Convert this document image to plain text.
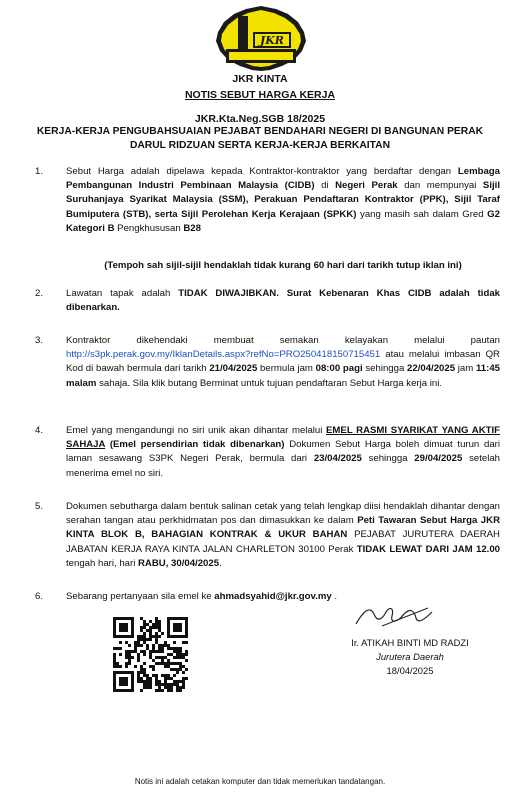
JKR
JKR KINTA
NOTIS SEBUT HARGA KERJA
JKR.Kta.Neg.SGB 18/2025
KERJA-KERJA PENGUBAHSUAIAN PEJABAT BENDAHARI NEGERI DI BANGUNAN PERAK
DARUL RIDZUAN SERTA KERJA-KERJA BERKAITAN
1.	Sebut Harga adalah dipelawa kepada Kontraktor-kontraktor yang berdaftar dengan Lembaga Pembangunan Industri Pembinaan Malaysia (CIDB) di Negeri Perak dan mempunyai Sijil Suruhanjaya Syarikat Malaysia (SSM), Perakuan Pendaftaran Kontraktor (PPK), Sijil Taraf Bumiputera (STB), serta Sijil Perolehan Kerja Kerajaan (SPKK) yang masih sah dalam Gred G2 Kategori B Pengkhususan B28
(Tempoh sah sijil-sijil hendaklah tidak kurang 60 hari dari tarikh tutup iklan ini)
2.	Lawatan tapak adalah TIDAK DIWAJIBKAN. Surat Kebenaran Khas CIDB adalah tidak dibenarkan.
3.	Kontraktor dikehendaki membuat semakan kelayakan melalui pautan http://s3pk.perak.gov.my/IklanDetails.aspx?refNo=PRO250418150715451 atau melalui imbasan QR Kod di bawah bermula dari tarikh 21/04/2025 bermula jam 08:00 pagi sehingga 22/04/2025 jam 11:45 malam sahaja. Sila klik butang Berminat untuk tujuan pendaftaran Sebut Harga kerja ini.
4.	Emel yang mengandungi no siri unik akan dihantar melalui EMEL RASMI SYARIKAT YANG AKTIF SAHAJA (Emel persendirian tidak dibenarkan) Dokumen Sebut Harga boleh dimuat turun dari laman sesawang S3PK Negeri Perak, bermula dari 23/04/2025 sehingga 29/04/2025 setelah menerima emel no siri.
5.	Dokumen sebutharga dalam bentuk salinan cetak yang telah lengkap diisi hendaklah dihantar dengan serahan tangan atau perkhidmatan pos dan dimasukkan ke dalam Peti Tawaran Sebut Harga JKR KINTA BLOK B, BAHAGIAN KONTRAK & UKUR BAHAN PEJABAT JURUTERA DAERAH JABATAN KERJA RAYA KINTA JALAN CHARLETON 30100 Perak TIDAK LEWAT DARI JAM 12.00 tengah hari, hari RABU, 30/04/2025.
6.	Sebarang pertanyaan sila emel ke ahmadsyahid@jkr.gov.my .
Ir. ATIKAH BINTI MD RADZI
Jurutera Daerah
18/04/2025
Notis ini adalah cetakan komputer dan tidak memerlukan tandatangan.
